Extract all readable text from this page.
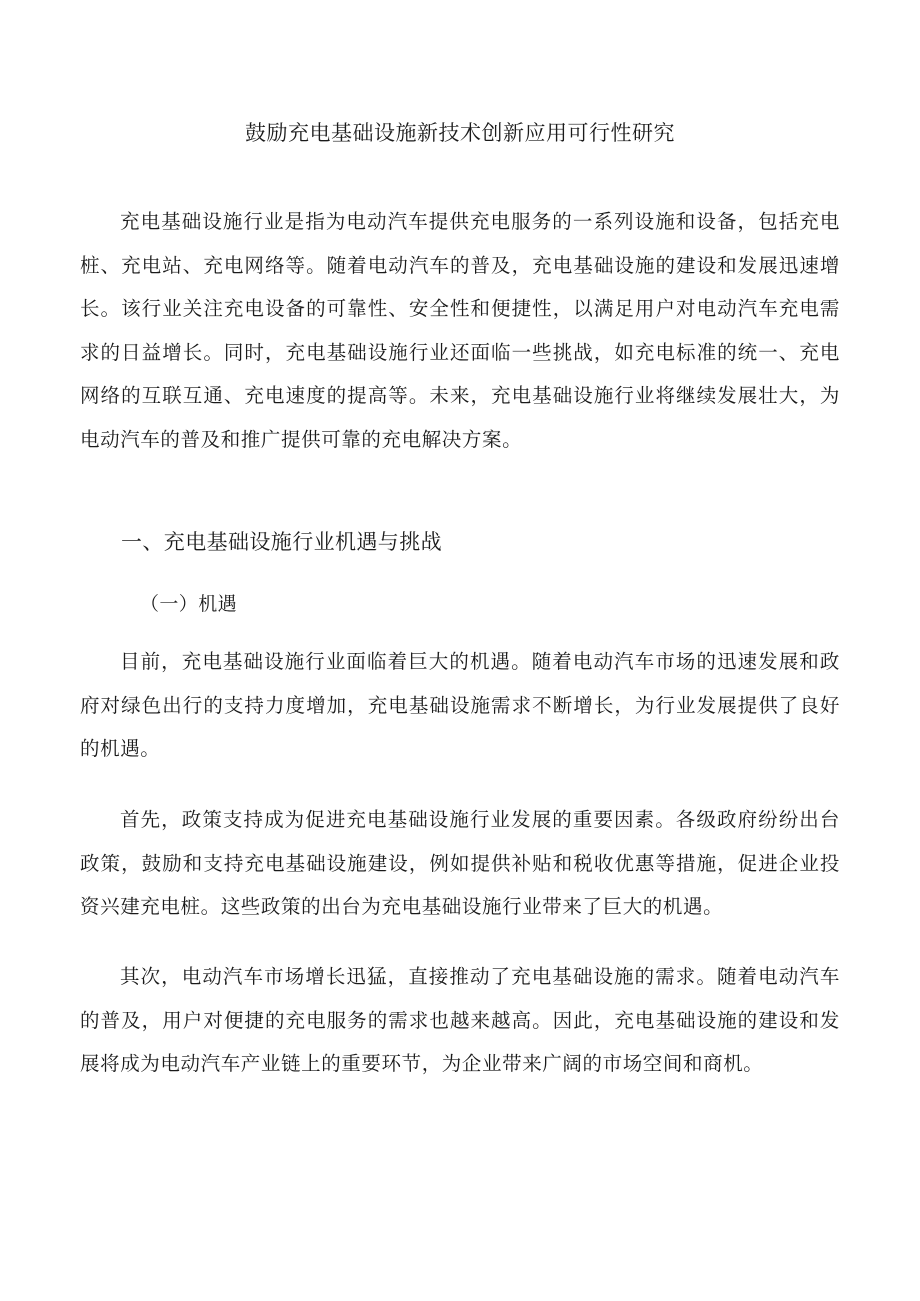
鼓励充电基础设施新技术创新应用可行性研究

充电基础设施行业是指为电动汽车提供充电服务的一系列设施和设备，包括充电桩、充电站、充电网络等。随着电动汽车的普及，充电基础设施的建设和发展迅速增长。该行业关注充电设备的可靠性、安全性和便捷性，以满足用户对电动汽车充电需求的日益增长。同时，充电基础设施行业还面临一些挑战，如充电标准的统一、充电网络的互联互通、充电速度的提高等。未来，充电基础设施行业将继续发展壮大，为电动汽车的普及和推广提供可靠的充电解决方案。

一、充电基础设施行业机遇与挑战
（一）机遇

目前，充电基础设施行业面临着巨大的机遇。随着电动汽车市场的迅速发展和政府对绿色出行的支持力度增加，充电基础设施需求不断增长，为行业发展提供了良好的机遇。

首先，政策支持成为促进充电基础设施行业发展的重要因素。各级政府纷纷出台政策，鼓励和支持充电基础设施建设，例如提供补贴和税收优惠等措施，促进企业投资兴建充电桩。这些政策的出台为充电基础设施行业带来了巨大的机遇。

其次，电动汽车市场增长迅猛，直接推动了充电基础设施的需求。随着电动汽车的普及，用户对便捷的充电服务的需求也越来越高。因此，充电基础设施的建设和发展将成为电动汽车产业链上的重要环节，为企业带来广阔的市场空间和商机。
